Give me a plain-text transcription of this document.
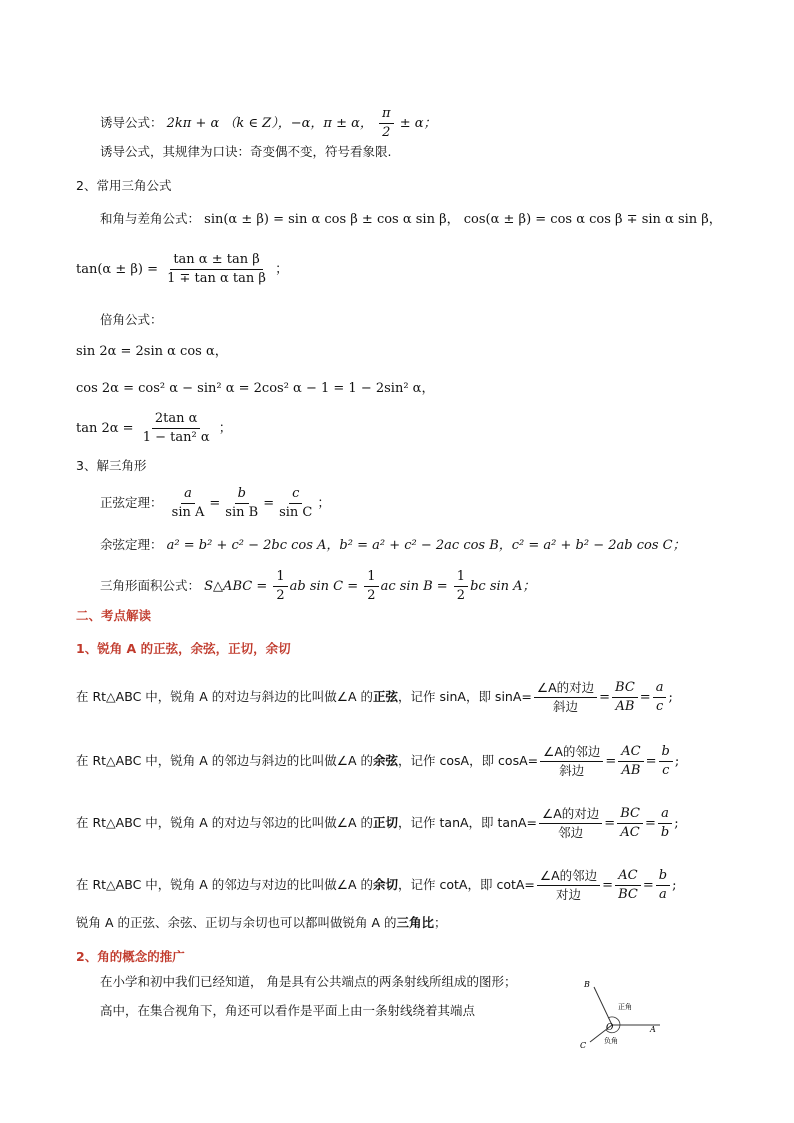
诱导公式： 2kπ + α （k ∈ Z），−α，π ± α， $\frac{\pi}{2} \pm \alpha$；
诱导公式，其规律为口诀：奇变偶不变，符号看象限.
2、常用三角公式
和角与差角公式： sin(α ± β) = sin α cos β ± cos α sin β， cos(α ± β) = cos α cos β ∓ sin α sin β，
$\tan(\alpha \pm \beta) = \frac{\text{tan α ± tan β}}{\text{1 ∓ tan α tan β}}$ ；
倍角公式：
sin 2α = 2sin α cos α，
cos 2α = cos² α − sin² α = 2cos² α − 1 = 1 − 2sin² α，
$\tan 2\alpha = \frac{\text{2tan α}}{\text{1 − tan² α}}$ ；
3、解三角形
正弦定理： $\frac{a}{\text{sin A}} = \frac{b}{\text{sin B}} = \frac{c}{\text{sin C}}$ ；
余弦定理： a² = b² + c² − 2bc cos A，b² = a² + c² − 2ac cos B，c² = a² + b² − 2ab cos C；
三角形面积公式： S△ABC = $\frac{1}{2}$ ab $\sin C = \frac{1}{2}$ ac $\sin B = \frac{1}{2}$ bc sin A；
二、考点解读
1、锐角 A 的正弦，余弦，正切，余切
在 Rt△ABC 中，锐角 A 的对边与斜边的比叫做∠A 的正弦，记作 sinA，即 $\sin A= \frac{\text{∠A的对边}}{\text{斜边}} = \frac{BC}{AB} = \frac{a}{c}$ ;
在 Rt△ABC 中，锐角 A 的邻边与斜边的比叫做∠A 的余弦，记作 cosA，即 $\cos A= \frac{\text{∠A的邻边}}{\text{斜边}} = \frac{AC}{AB} = \frac{b}{c}$ ;
在 Rt△ABC 中，锐角 A 的对边与邻边的比叫做∠A 的正切，记作 tanA，即 $\tan A= \frac{\text{∠A的对边}}{\text{邻边}} = \frac{BC}{AC} = \frac{a}{b}$ ;
在 Rt△ABC 中，锐角 A 的邻边与对边的比叫做∠A 的余切，记作 cotA，即 $\cot A= \frac{\text{∠A的邻边}}{\text{对边}} = \frac{AC}{BC} = \frac{b}{a}$ ;
锐角 A 的正弦、余弦、正切与余切也可以都叫做锐角 A 的三角比；
2、角的概念的推广
在小学和初中我们已经知道， 角是具有公共端点的两条射线所组成的图形；
高中，在集合视角下，角还可以看作是平面上由一条射线绕着其端点
B
O	A
C
正角
负角
